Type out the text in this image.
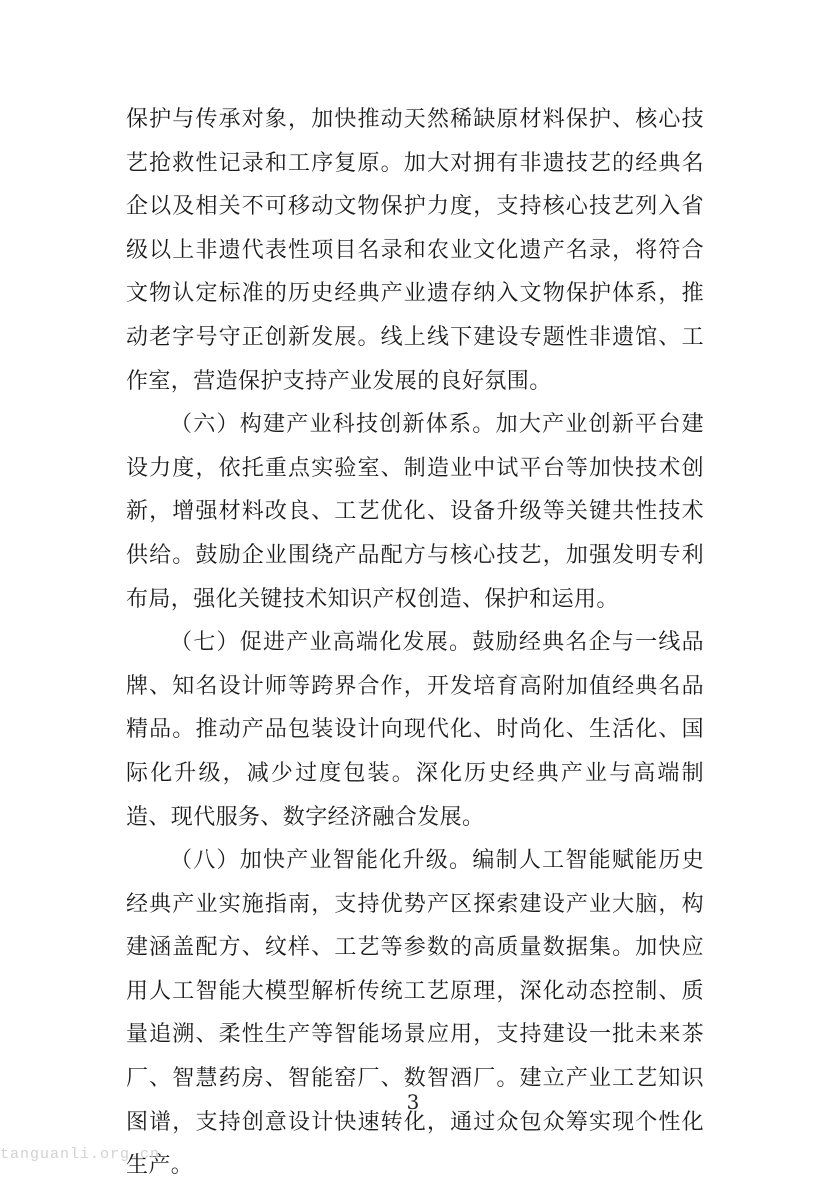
保护与传承对象，加快推动天然稀缺原材料保护、核心技艺抢救性记录和工序复原。加大对拥有非遗技艺的经典名企以及相关不可移动文物保护力度，支持核心技艺列入省级以上非遗代表性项目名录和农业文化遗产名录，将符合文物认定标准的历史经典产业遗存纳入文物保护体系，推动老字号守正创新发展。线上线下建设专题性非遗馆、工作室，营造保护支持产业发展的良好氛围。

（六）构建产业科技创新体系。加大产业创新平台建设力度，依托重点实验室、制造业中试平台等加快技术创新，增强材料改良、工艺优化、设备升级等关键共性技术供给。鼓励企业围绕产品配方与核心技艺，加强发明专利布局，强化关键技术知识产权创造、保护和运用。

（七）促进产业高端化发展。鼓励经典名企与一线品牌、知名设计师等跨界合作，开发培育高附加值经典名品精品。推动产品包装设计向现代化、时尚化、生活化、国际化升级，减少过度包装。深化历史经典产业与高端制造、现代服务、数字经济融合发展。

（八）加快产业智能化升级。编制人工智能赋能历史经典产业实施指南，支持优势产区探索建设产业大脑，构建涵盖配方、纹样、工艺等参数的高质量数据集。加快应用人工智能大模型解析传统工艺原理，深化动态控制、质量追溯、柔性生产等智能场景应用，支持建设一批未来茶厂、智慧药房、智能窑厂、数智酒厂。建立产业工艺知识图谱，支持创意设计快速转化，通过众包众筹实现个性化生产。

3
tanguanli.org.cn
